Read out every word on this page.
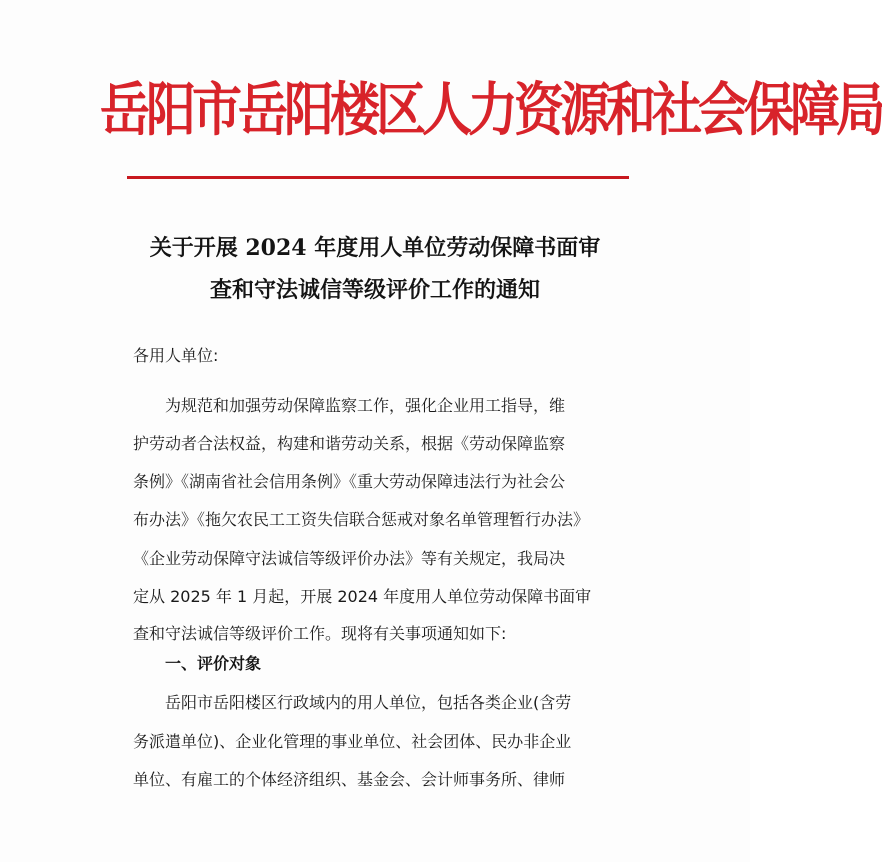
岳阳市岳阳楼区人力资源和社会保障局
关于开展 2024 年度用人单位劳动保障书面审
查和守法诚信等级评价工作的通知
各用人单位:
为规范和加强劳动保障监察工作，强化企业用工指导，维
护劳动者合法权益，构建和谐劳动关系，根据《劳动保障监察
条例》《湖南省社会信用条例》《重大劳动保障违法行为社会公
布办法》《拖欠农民工工资失信联合惩戒对象名单管理暂行办法》
《企业劳动保障守法诚信等级评价办法》等有关规定，我局决
定从 2025 年 1 月起，开展 2024 年度用人单位劳动保障书面审
查和守法诚信等级评价工作。现将有关事项通知如下:
一、评价对象
岳阳市岳阳楼区行政域内的用人单位，包括各类企业(含劳
务派遣单位)、企业化管理的事业单位、社会团体、民办非企业
单位、有雇工的个体经济组织、基金会、会计师事务所、律师
